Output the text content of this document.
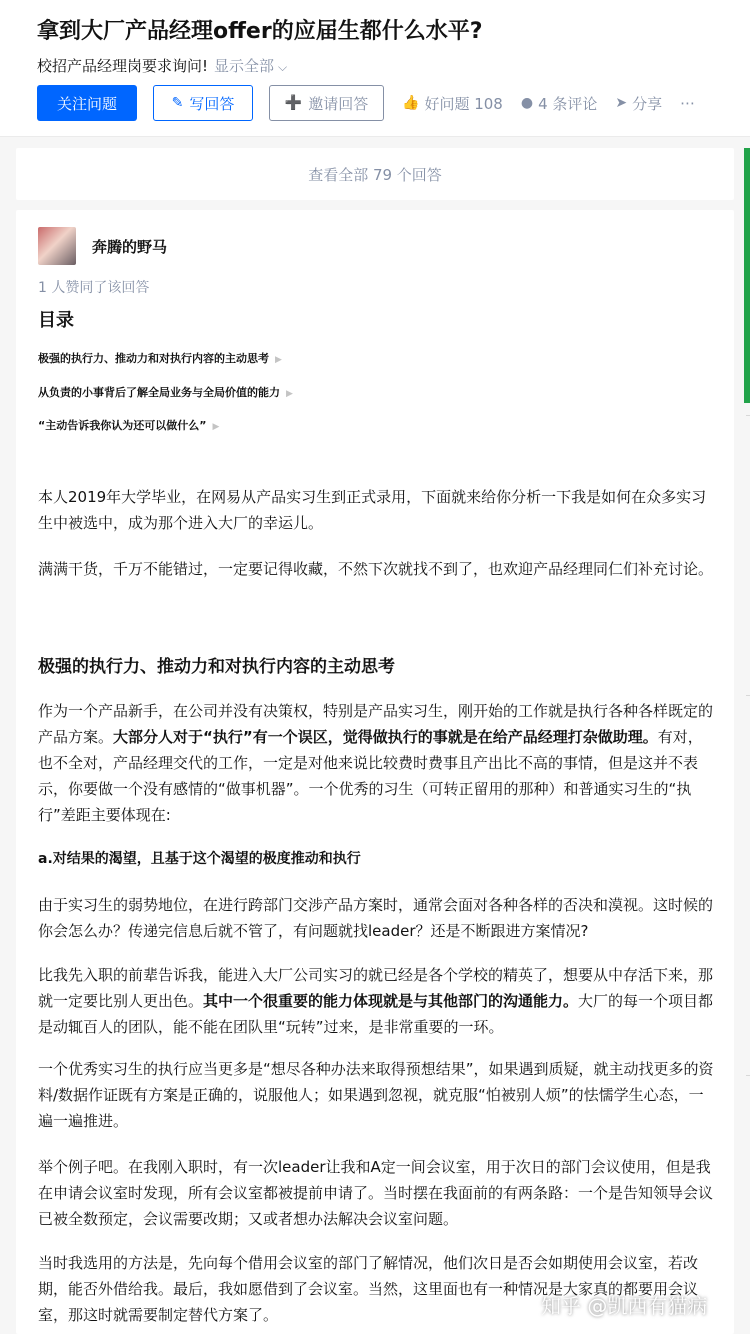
拿到大厂产品经理offer的应届生都什么水平?
校招产品经理岗要求询问! 显示全部 ⌵
关注问题	✎ 写回答	➕ 邀请回答 👍 好问题 108 ● 4 条评论 ➤ 分享 ⋯
查看全部 79 个回答
奔腾的野马
1 人赞同了该回答
目录
极强的执行力、推动力和对执行内容的主动思考 ▶
从负责的小事背后了解全局业务与全局价值的能力 ▶
“主动告诉我你认为还可以做什么” ▶
本人2019年大学毕业，在网易从产品实习生到正式录用，下面就来给你分析一下我是如何在众多实习生中被选中，成为那个进入大厂的幸运儿。
满满干货，千万不能错过，一定要记得收藏，不然下次就找不到了，也欢迎产品经理同仁们补充讨论。
极强的执行力、推动力和对执行内容的主动思考
作为一个产品新手，在公司并没有决策权，特别是产品实习生，刚开始的工作就是执行各种各样既定的产品方案。大部分人对于“执行”有一个误区，觉得做执行的事就是在给产品经理打杂做助理。有对，也不全对，产品经理交代的工作，一定是对他来说比较费时费事且产出比不高的事情，但是这并不表示，你要做一个没有感情的“做事机器”。一个优秀的习生（可转正留用的那种）和普通实习生的“执行”差距主要体现在:
a.对结果的渴望，且基于这个渴望的极度推动和执行
由于实习生的弱势地位，在进行跨部门交涉产品方案时，通常会面对各种各样的否决和漠视。这时候的你会怎么办？传递完信息后就不管了，有问题就找leader？还是不断跟进方案情况?
比我先入职的前辈告诉我，能进入大厂公司实习的就已经是各个学校的精英了，想要从中存活下来，那就一定要比别人更出色。其中一个很重要的能力体现就是与其他部门的沟通能力。大厂的每一个项目都是动辄百人的团队，能不能在团队里“玩转”过来，是非常重要的一环。
一个优秀实习生的执行应当更多是“想尽各种办法来取得预想结果”，如果遇到质疑，就主动找更多的资料/数据作证既有方案是正确的，说服他人；如果遇到忽视，就克服“怕被别人烦”的怯懦学生心态，一遍一遍推进。
举个例子吧。在我刚入职时，有一次leader让我和A定一间会议室，用于次日的部门会议使用，但是我在申请会议室时发现，所有会议室都被提前申请了。当时摆在我面前的有两条路：一个是告知领导会议已被全数预定，会议需要改期；又或者想办法解决会议室问题。
当时我选用的方法是，先向每个借用会议室的部门了解情况，他们次日是否会如期使用会议室，若改期，能否外借给我。最后，我如愿借到了会议室。当然，这里面也有一种情况是大家真的都要用会议室，那这时就需要制定替代方案了。	知乎 @凯西有猫病
